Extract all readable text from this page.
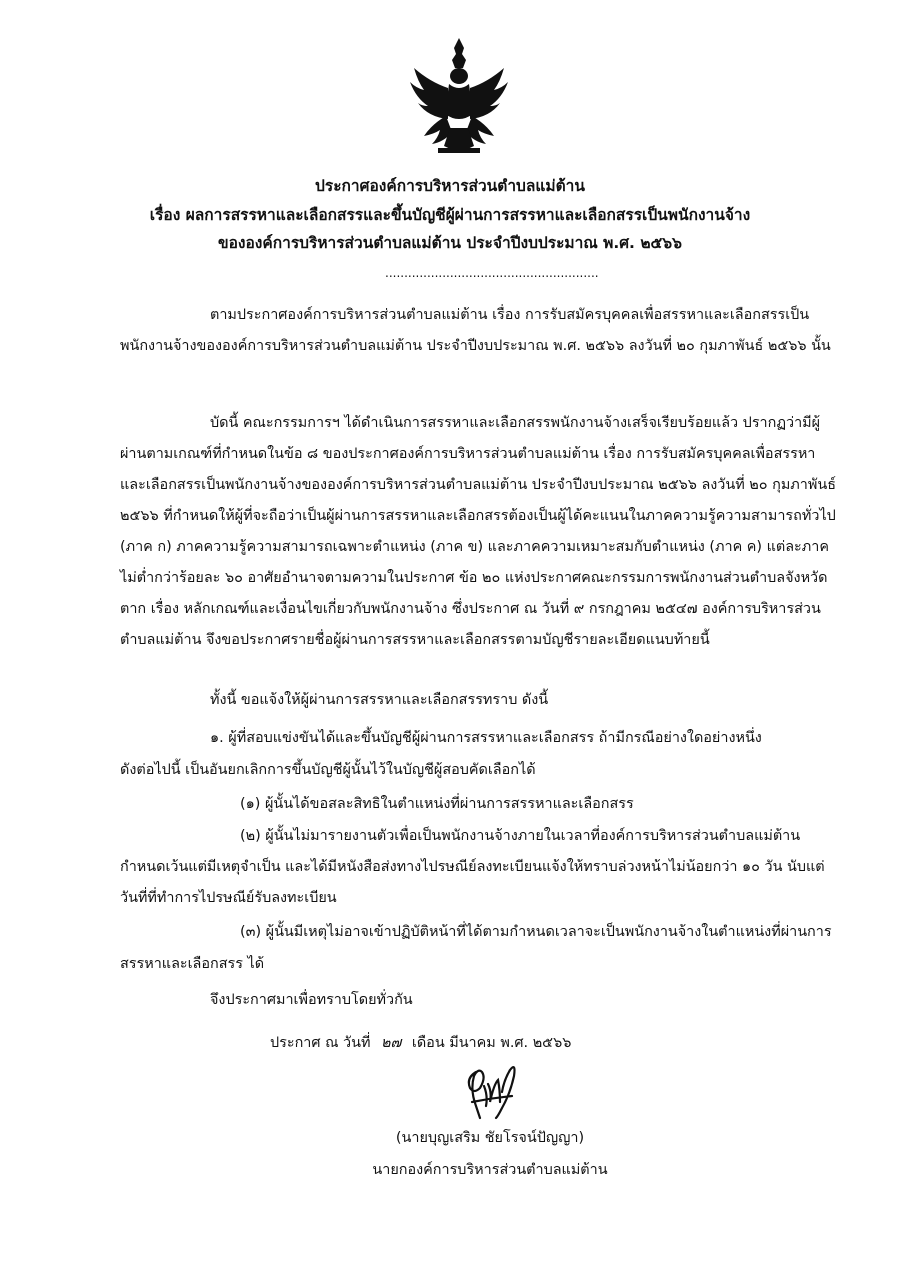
ประกาศองค์การบริหารส่วนตำบลแม่ต้าน
เรื่อง ผลการสรรหาและเลือกสรรและขึ้นบัญชีผู้ผ่านการสรรหาและเลือกสรรเป็นพนักงานจ้าง
ขององค์การบริหารส่วนตำบลแม่ต้าน ประจำปีงบประมาณ พ.ศ. ๒๕๖๖
........................................................

ตามประกาศองค์การบริหารส่วนตำบลแม่ต้าน เรื่อง การรับสมัครบุคคลเพื่อสรรหาและเลือกสรรเป็นพนักงานจ้างขององค์การบริหารส่วนตำบลแม่ต้าน ประจำปีงบประมาณ พ.ศ. ๒๕๖๖ ลงวันที่ ๒๐ กุมภาพันธ์ ๒๕๖๖ นั้น

บัดนี้ คณะกรรมการฯ ได้ดำเนินการสรรหาและเลือกสรรพนักงานจ้างเสร็จเรียบร้อยแล้ว ปรากฏว่ามีผู้ผ่านตามเกณฑ์ที่กำหนดในข้อ ๘ ของประกาศองค์การบริหารส่วนตำบลแม่ต้าน เรื่อง การรับสมัครบุคคลเพื่อสรรหาและเลือกสรรเป็นพนักงานจ้างขององค์การบริหารส่วนตำบลแม่ต้าน ประจำปีงบประมาณ ๒๕๖๖ ลงวันที่ ๒๐ กุมภาพันธ์ ๒๕๖๖ ที่กำหนดให้ผู้ที่จะถือว่าเป็นผู้ผ่านการสรรหาและเลือกสรรต้องเป็นผู้ได้คะแนนในภาคความรู้ความสามารถทั่วไป (ภาค ก) ภาคความรู้ความสามารถเฉพาะตำแหน่ง (ภาค ข) และภาคความเหมาะสมกับตำแหน่ง (ภาค ค) แต่ละภาคไม่ต่ำกว่าร้อยละ ๖๐ อาศัยอำนาจตามความในประกาศ ข้อ ๒๐ แห่งประกาศคณะกรรมการพนักงานส่วนตำบลจังหวัดตาก เรื่อง หลักเกณฑ์และเงื่อนไขเกี่ยวกับพนักงานจ้าง ซึ่งประกาศ ณ วันที่ ๙ กรกฎาคม ๒๕๔๗ องค์การบริหารส่วนตำบลแม่ต้าน จึงขอประกาศรายชื่อผู้ผ่านการสรรหาและเลือกสรรตามบัญชีรายละเอียดแนบท้ายนี้

ทั้งนี้ ขอแจ้งให้ผู้ผ่านการสรรหาและเลือกสรรทราบ ดังนี้
๑. ผู้ที่สอบแข่งขันได้และขึ้นบัญชีผู้ผ่านการสรรหาและเลือกสรร ถ้ามีกรณีอย่างใดอย่างหนึ่ง
ดังต่อไปนี้ เป็นอันยกเลิกการขึ้นบัญชีผู้นั้นไว้ในบัญชีผู้สอบคัดเลือกได้
(๑) ผู้นั้นได้ขอสละสิทธิในตำแหน่งที่ผ่านการสรรหาและเลือกสรร
(๒) ผู้นั้นไม่มารายงานตัวเพื่อเป็นพนักงานจ้างภายในเวลาที่องค์การบริหารส่วนตำบลแม่ต้าน
กำหนดเว้นแต่มีเหตุจำเป็น และได้มีหนังสือส่งทางไปรษณีย์ลงทะเบียนแจ้งให้ทราบล่วงหน้าไม่น้อยกว่า ๑๐ วัน นับแต่
วันที่ที่ทำการไปรษณีย์รับลงทะเบียน
(๓) ผู้นั้นมีเหตุไม่อาจเข้าปฏิบัติหน้าที่ได้ตามกำหนดเวลาจะเป็นพนักงานจ้างในตำแหน่งที่ผ่านการ
สรรหาและเลือกสรร ได้
จึงประกาศมาเพื่อทราบโดยทั่วกัน
ประกาศ ณ วันที่ ๒๗ เดือน มีนาคม พ.ศ. ๒๕๖๖
(นายบุญเสริม ชัยโรจน์ปัญญา)
นายกองค์การบริหารส่วนตำบลแม่ต้าน
